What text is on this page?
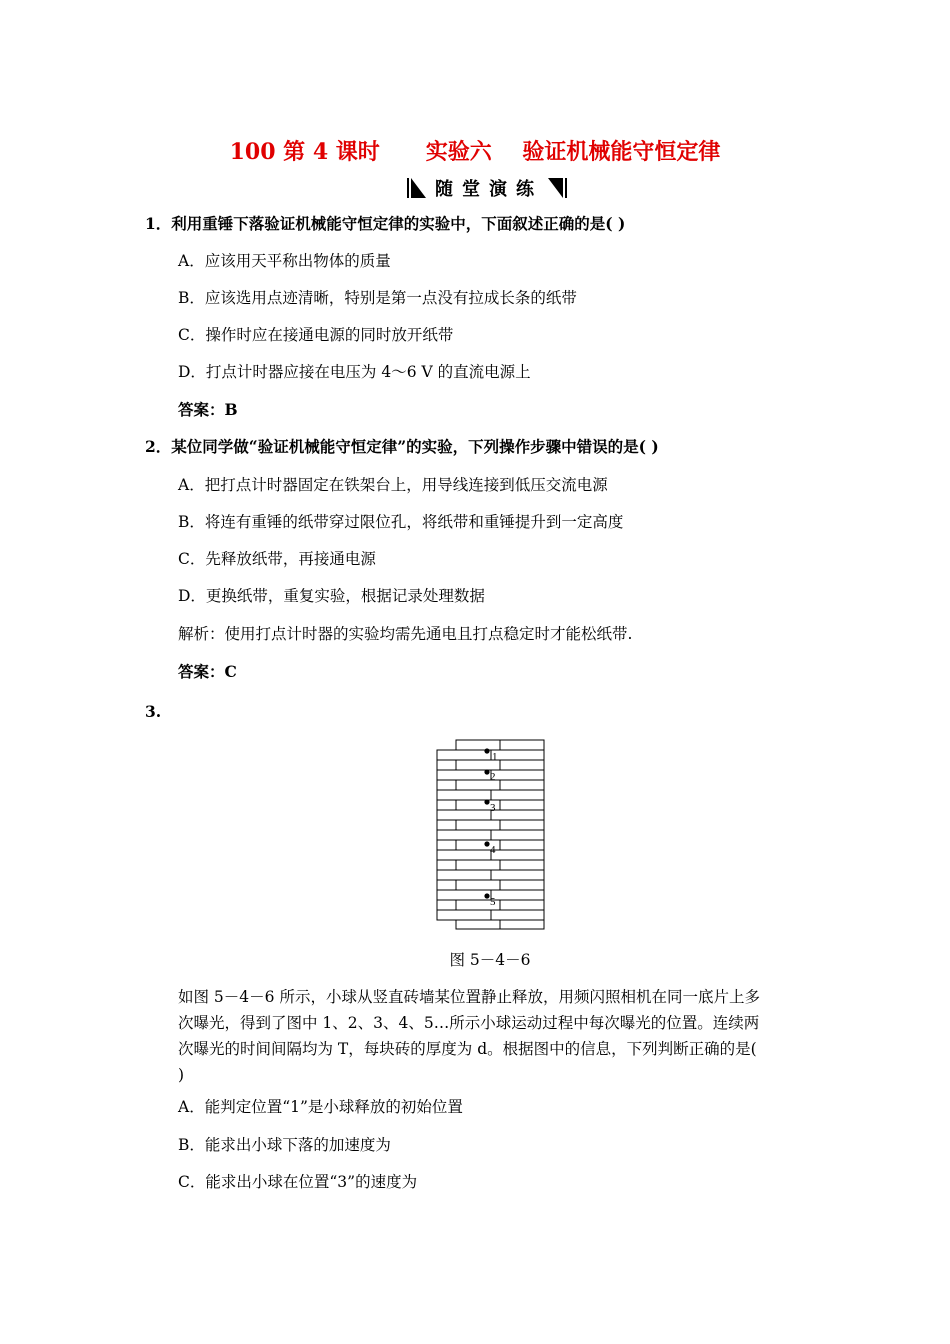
100 第 4 课时      实验六    验证机械能守恒定律
随堂演练
1．利用重锤下落验证机械能守恒定律的实验中，下面叙述正确的是( )
A．应该用天平称出物体的质量
B．应该选用点迹清晰，特别是第一点没有拉成长条的纸带
C．操作时应在接通电源的同时放开纸带
D．打点计时器应接在电压为 4～6 V 的直流电源上
答案：B
2．某位同学做“验证机械能守恒定律”的实验，下列操作步骤中错误的是( )
A．把打点计时器固定在铁架台上，用导线连接到低压交流电源
B．将连有重锤的纸带穿过限位孔，将纸带和重锤提升到一定高度
C．先释放纸带，再接通电源
D．更换纸带，重复实验，根据记录处理数据
解析：使用打点计时器的实验均需先通电且打点稳定时才能松纸带.
答案：C
3.
1
2
3
4
5
图 5－4－6
如图 5－4－6 所示，小球从竖直砖墙某位置静止释放，用频闪照相机在同一底片上多
次曝光，得到了图中 1、2、3、4、5…所示小球运动过程中每次曝光的位置。连续两
次曝光的时间间隔均为 T，每块砖的厚度为 d。根据图中的信息，下列判断正确的是(
)
A．能判定位置“1”是小球释放的初始位置
B．能求出小球下落的加速度为
C．能求出小球在位置“3”的速度为
